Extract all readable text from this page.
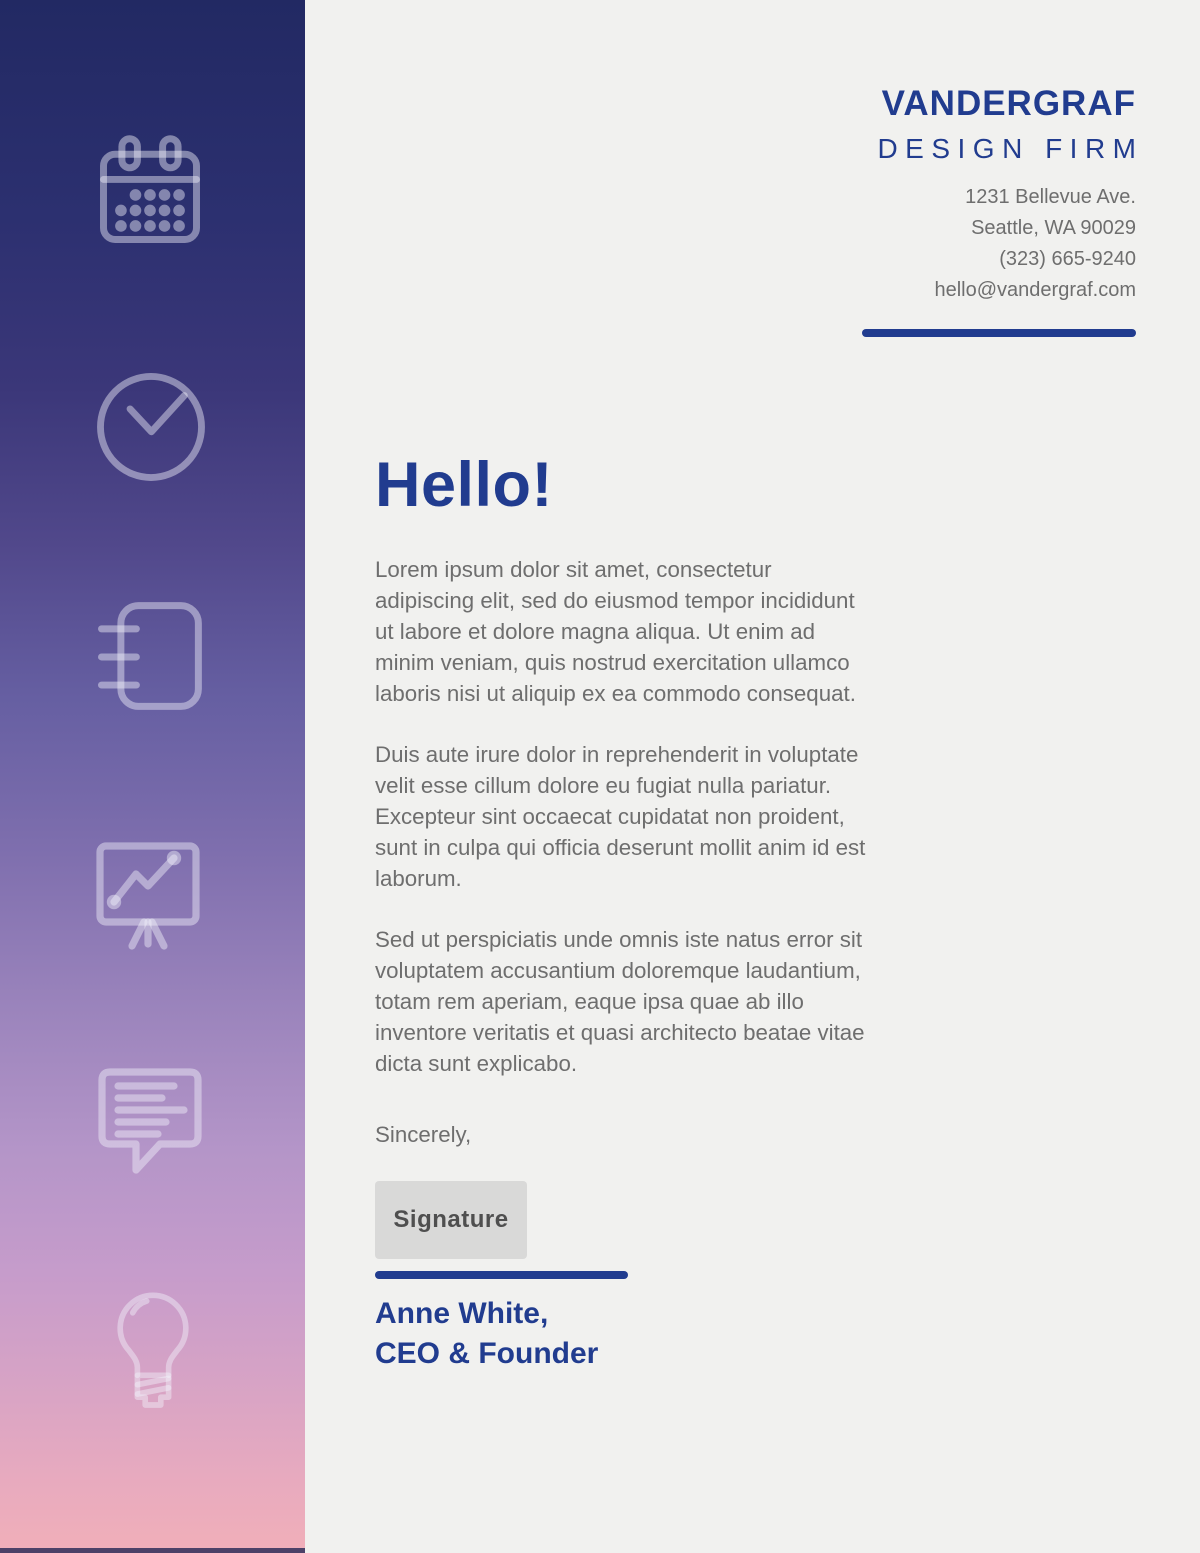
VANDERGRAF
DESIGN FIRM
1231 Bellevue Ave.
Seattle, WA 90029
(323) 665-9240
hello@vandergraf.com
Hello!

Lorem ipsum dolor sit amet, consectetur adipiscing elit, sed do eiusmod tempor incididunt ut labore et dolore magna aliqua. Ut enim ad minim veniam, quis nostrud exercitation ullamco laboris nisi ut aliquip ex ea commodo consequat.

Duis aute irure dolor in reprehenderit in voluptate velit esse cillum dolore eu fugiat nulla pariatur. Excepteur sint occaecat cupidatat non proident, sunt in culpa qui officia deserunt mollit anim id est laborum.

Sed ut perspiciatis unde omnis iste natus error sit voluptatem accusantium doloremque laudantium, totam rem aperiam, eaque ipsa quae ab illo inventore veritatis et quasi architecto beatae vitae dicta sunt explicabo.

Sincerely,

Signature
Anne White,
CEO & Founder
